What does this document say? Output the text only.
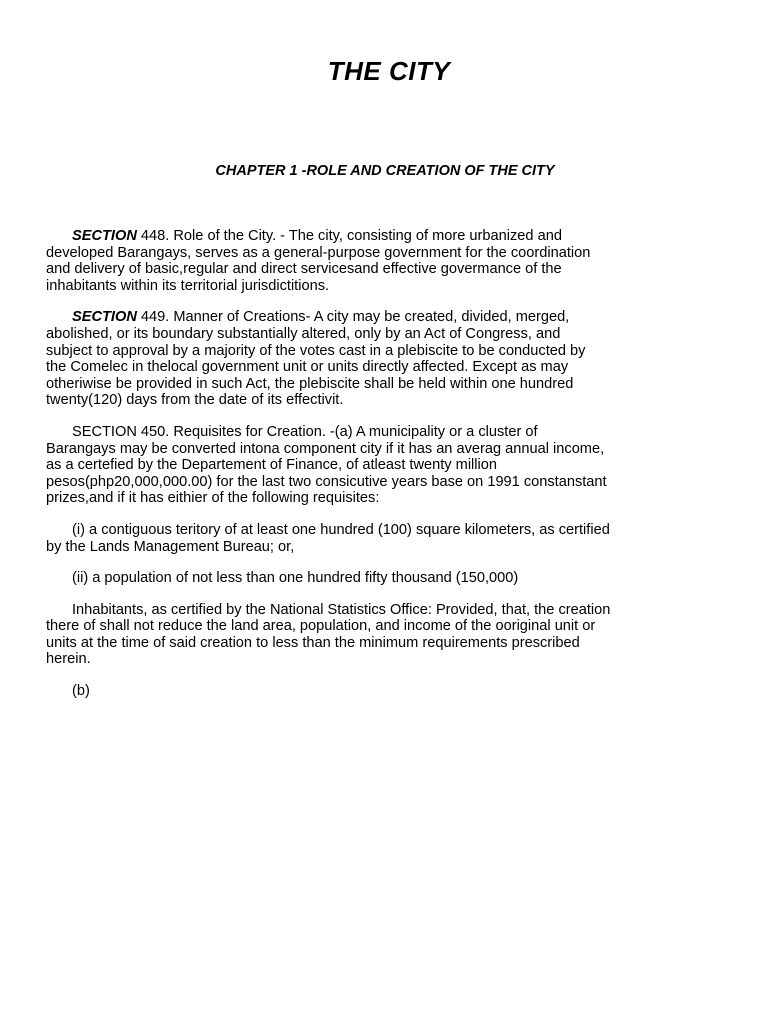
THE CITY
CHAPTER 1 -ROLE AND CREATION OF THE CITY

SECTION 448. Role of the City. - The city, consisting of more urbanized and
developed Barangays, serves as a general-purpose government for the coordination
and delivery of basic,regular and direct servicesand effective govermance of the
inhabitants within its territorial jurisdictitions.

SECTION 449. Manner of Creations- A city may be created, divided, merged,
abolished, or its boundary substantially altered, only by an Act of Congress, and
subject to approval by a majority of the votes cast in a plebiscite to be conducted by
the Comelec in thelocal government unit or units directly affected. Except as may
otheriwise be provided in such Act, the plebiscite shall be held within one hundred
twenty(120) days from the date of its effectivit.

SECTION 450. Requisites for Creation. -(a) A municipality or a cluster of
Barangays may be converted intona component city if it has an averag annual income,
as a certefied by the Departement of Finance, of atleast twenty million
pesos(php20,000,000.00) for the last two consicutive years base on 1991 constanstant
prizes,and if it has eithier of the following requisites:

(i) a contiguous teritory of at least one hundred (100) square kilometers, as certified
by the Lands Management Bureau; or,

(ii) a population of not less than one hundred fifty thousand (150,000)

Inhabitants, as certified by the National Statistics Office: Provided, that, the creation
there of shall not reduce the land area, population, and income of the ooriginal unit or
units at the time of said creation to less than the minimum requirements prescribed
herein.

(b)
